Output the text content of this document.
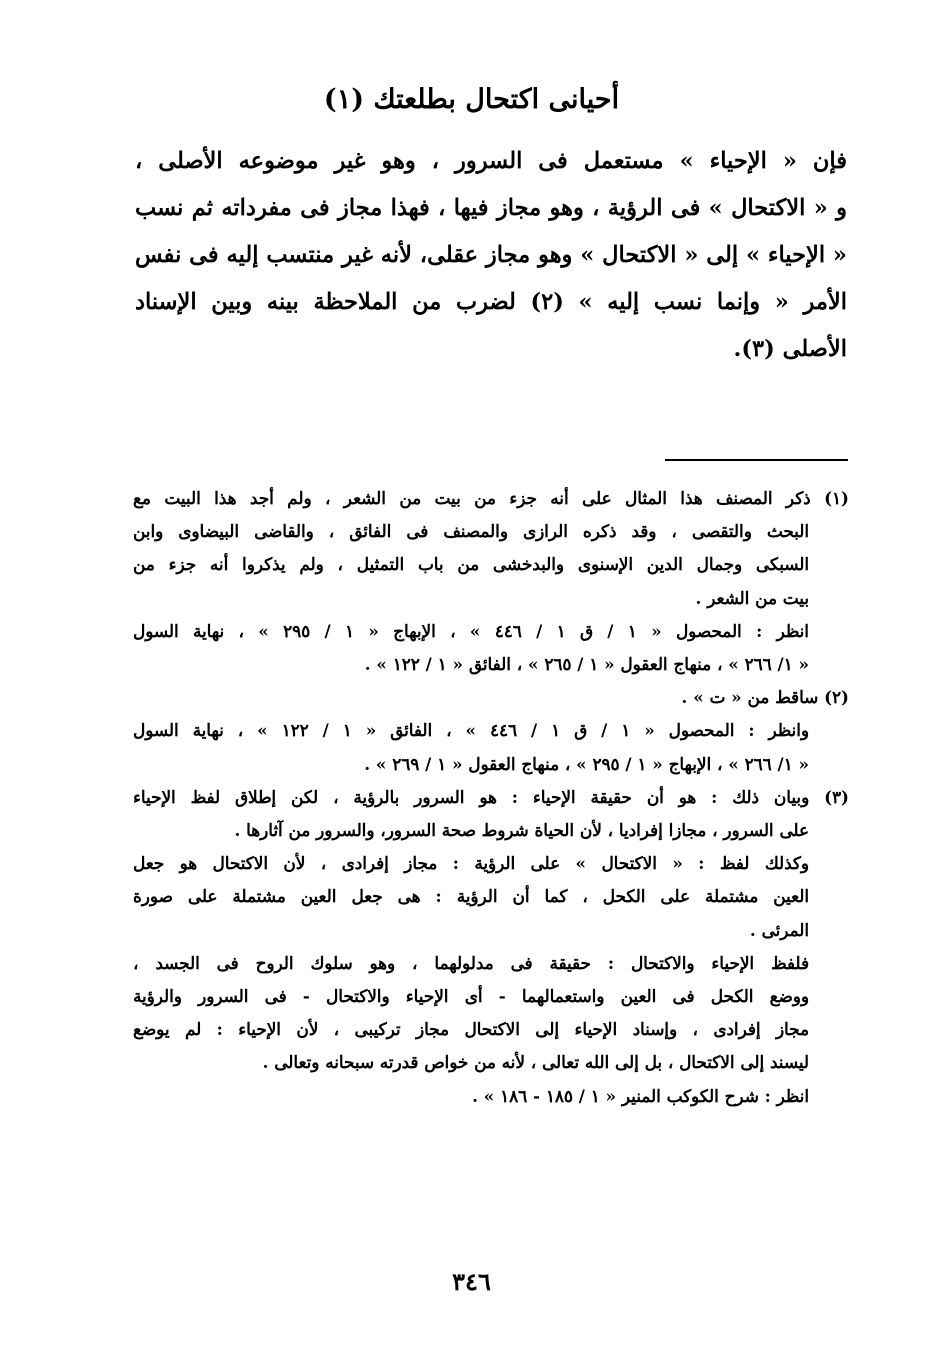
أحيانى اكتحال بطلعتك (١)
فإن « الإحياء » مستعمل فى السرور ، وهو غير موضوعه الأصلى ،
و « الاكتحال » فى الرؤية ، وهو مجاز فيها ، فهذا مجاز فى مفرداته ثم نسب
« الإحياء » إلى « الاكتحال » وهو مجاز عقلى، لأنه غير منتسب إليه فى نفس
الأمر « وإنما نسب إليه » (٢) لضرب من الملاحظة بينه وبين الإسناد
الأصلى (٣).
(١) ذكر المصنف هذا المثال على أنه جزء من بيت من الشعر ، ولم أجد هذا البيت مع
البحث والتقصى ، وقد ذكره الرازى والمصنف فى الفائق ، والقاضى البيضاوى وابن
السبكى وجمال الدين الإسنوى والبدخشى من باب التمثيل ، ولم يذكروا أنه جزء من
بيت من الشعر .
انظر : المحصول « ١ / ق ١ / ٤٤٦ » ، الإبهاج « ١ / ٢٩٥ » ، نهاية السول
« ١/ ٢٦٦ » ، منهاج العقول « ١ / ٢٦٥ » ، الفائق « ١ / ١٢٢ » .
(٢) ساقط من « ت » .
وانظر : المحصول « ١ / ق ١ / ٤٤٦ » ، الفائق « ١ / ١٢٢ » ، نهاية السول
« ١/ ٢٦٦ » ، الإبهاج « ١ / ٢٩٥ » ، منهاج العقول « ١ / ٢٦٩ » .
(٣) وبيان ذلك : هو أن حقيقة الإحياء : هو السرور بالرؤية ، لكن إطلاق لفظ الإحياء
على السرور ، مجازا إفراديا ، لأن الحياة شروط صحة السرور، والسرور من آثارها .
وكذلك لفظ : « الاكتحال » على الرؤية : مجاز إفرادى ، لأن الاكتحال هو جعل
العين مشتملة على الكحل ، كما أن الرؤية : هى جعل العين مشتملة على صورة
المرئى .
فلفظ الإحياء والاكتحال : حقيقة فى مدلولهما ، وهو سلوك الروح فى الجسد ،
ووضع الكحل فى العين واستعمالهما - أى الإحياء والاكتحال - فى السرور والرؤية
مجاز إفرادى ، وإسناد الإحياء إلى الاكتحال مجاز تركيبى ، لأن الإحياء : لم يوضع
ليسند إلى الاكتحال ، بل إلى الله تعالى ، لأنه من خواص قدرته سبحانه وتعالى .
انظر : شرح الكوكب المنير « ١ / ١٨٥ - ١٨٦ » .
٣٤٦
